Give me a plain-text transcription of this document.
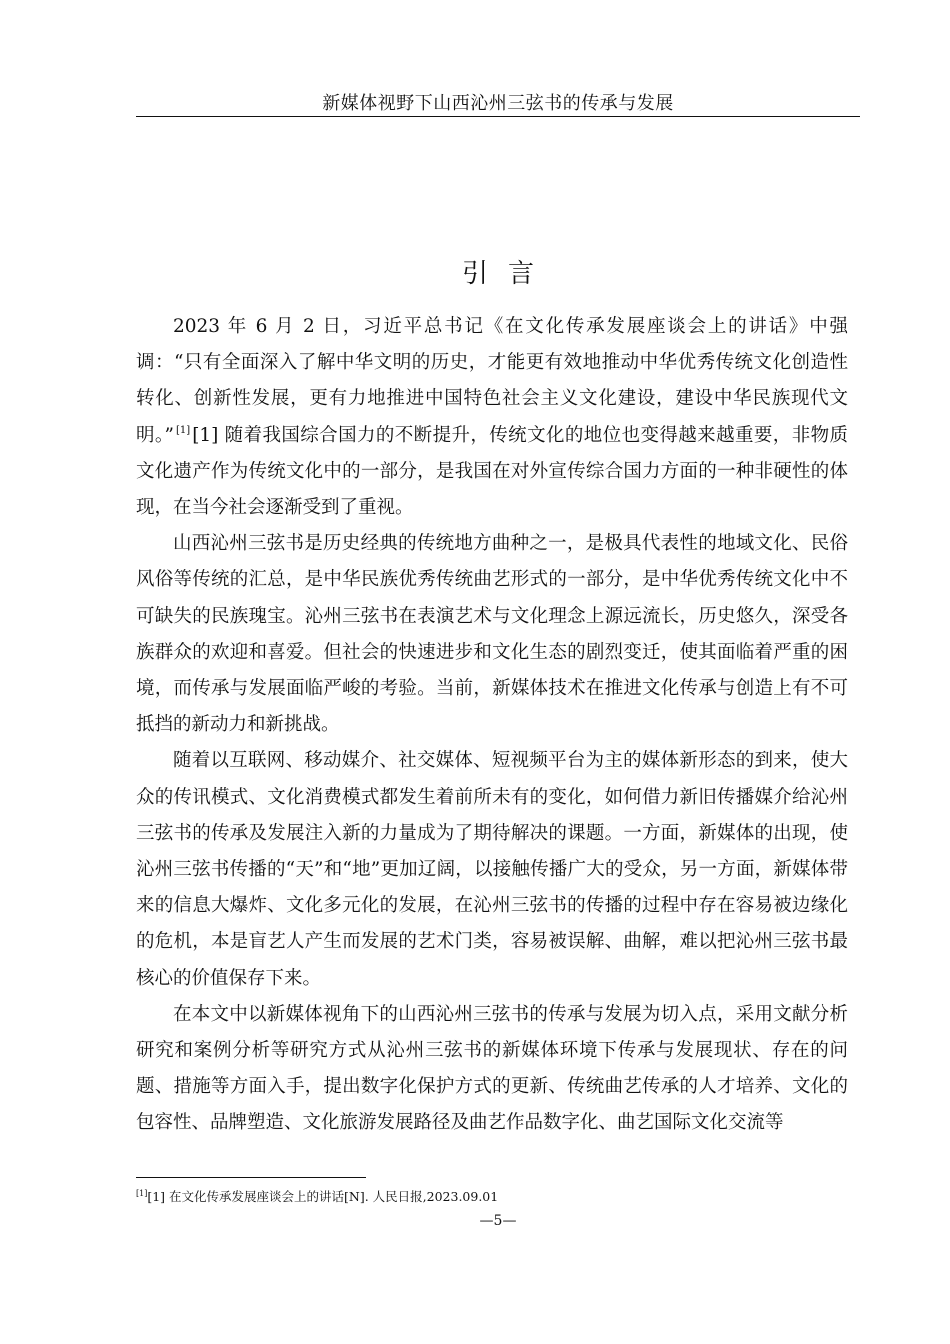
新媒体视野下山西沁州三弦书的传承与发展
引言

2023 年 6 月 2 日，习近平总书记《在文化传承发展座谈会上的讲话》中强调：“只有全面深入了解中华文明的历史，才能更有效地推动中华优秀传统文化创造性转化、创新性发展，更有力地推进中国特色社会主义文化建设，建设中华民族现代文明。” [1] [1] 随着我国综合国力的不断提升，传统文化的地位也变得越来越重要，非物质文化遗产作为传统文化中的一部分，是我国在对外宣传综合国力方面的一种非硬性的体现，在当今社会逐渐受到了重视。

山西沁州三弦书是历史经典的传统地方曲种之一，是极具代表性的地域文化、民俗风俗等传统的汇总，是中华民族优秀传统曲艺形式的一部分，是中华优秀传统文化中不可缺失的民族瑰宝。沁州三弦书在表演艺术与文化理念上源远流长，历史悠久，深受各族群众的欢迎和喜爱。但社会的快速进步和文化生态的剧烈变迁，使其面临着严重的困境，而传承与发展面临严峻的考验。当前，新媒体技术在推进文化传承与创造上有不可抵挡的新动力和新挑战。

随着以互联网、移动媒介、社交媒体、短视频平台为主的媒体新形态的到来，使大众的传讯模式、文化消费模式都发生着前所未有的变化，如何借力新旧传播媒介给沁州三弦书的传承及发展注入新的力量成为了期待解决的课题。一方面，新媒体的出现，使沁州三弦书传播的“天”和“地”更加辽阔，以接触传播广大的受众，另一方面，新媒体带来的信息大爆炸、文化多元化的发展，在沁州三弦书的传播的过程中存在容易被边缘化的危机，本是盲艺人产生而发展的艺术门类，容易被误解、曲解，难以把沁州三弦书最核心的价值保存下来。

在本文中以新媒体视角下的山西沁州三弦书的传承与发展为切入点，采用文献分析研究和案例分析等研究方式从沁州三弦书的新媒体环境下传承与发展现状、存在的问题、措施等方面入手，提出数字化保护方式的更新、传统曲艺传承的人才培养、文化的包容性、品牌塑造、文化旅游发展路径及曲艺作品数字化、曲艺国际文化交流等

[1][1] 在文化传承发展座谈会上的讲话[N]. 人民日报,2023.09.01
—5—
